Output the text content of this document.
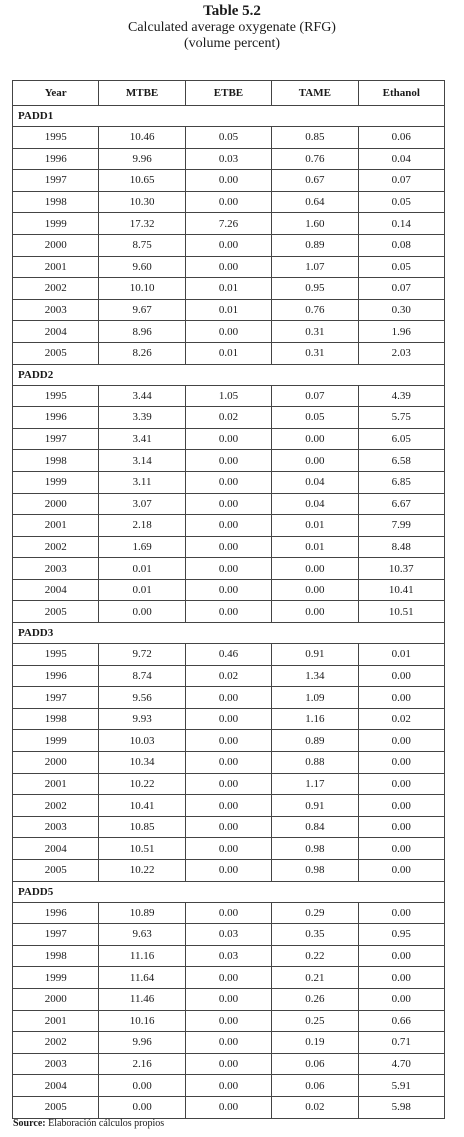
Table 5.2
Calculated average oxygenate (RFG)
(volume percent)
Year	MTBE	ETBE	TAME	Ethanol
PADD1				
1995	10.46	0.05	0.85	0.06
1996	9.96	0.03	0.76	0.04
1997	10.65	0.00	0.67	0.07
1998	10.30	0.00	0.64	0.05
1999	17.32	7.26	1.60	0.14
2000	8.75	0.00	0.89	0.08
2001	9.60	0.00	1.07	0.05
2002	10.10	0.01	0.95	0.07
2003	9.67	0.01	0.76	0.30
2004	8.96	0.00	0.31	1.96
2005	8.26	0.01	0.31	2.03
PADD2				
1995	3.44	1.05	0.07	4.39
1996	3.39	0.02	0.05	5.75
1997	3.41	0.00	0.00	6.05
1998	3.14	0.00	0.00	6.58
1999	3.11	0.00	0.04	6.85
2000	3.07	0.00	0.04	6.67
2001	2.18	0.00	0.01	7.99
2002	1.69	0.00	0.01	8.48
2003	0.01	0.00	0.00	10.37
2004	0.01	0.00	0.00	10.41
2005	0.00	0.00	0.00	10.51
PADD3				
1995	9.72	0.46	0.91	0.01
1996	8.74	0.02	1.34	0.00
1997	9.56	0.00	1.09	0.00
1998	9.93	0.00	1.16	0.02
1999	10.03	0.00	0.89	0.00
2000	10.34	0.00	0.88	0.00
2001	10.22	0.00	1.17	0.00
2002	10.41	0.00	0.91	0.00
2003	10.85	0.00	0.84	0.00
2004	10.51	0.00	0.98	0.00
2005	10.22	0.00	0.98	0.00
PADD5				
1996	10.89	0.00	0.29	0.00
1997	9.63	0.03	0.35	0.95
1998	11.16	0.03	0.22	0.00
1999	11.64	0.00	0.21	0.00
2000	11.46	0.00	0.26	0.00
2001	10.16	0.00	0.25	0.66
2002	9.96	0.00	0.19	0.71
2003	2.16	0.00	0.06	4.70
2004	0.00	0.00	0.06	5.91
2005	0.00	0.00	0.02	5.98
Source: Elaboración cálculos propios
